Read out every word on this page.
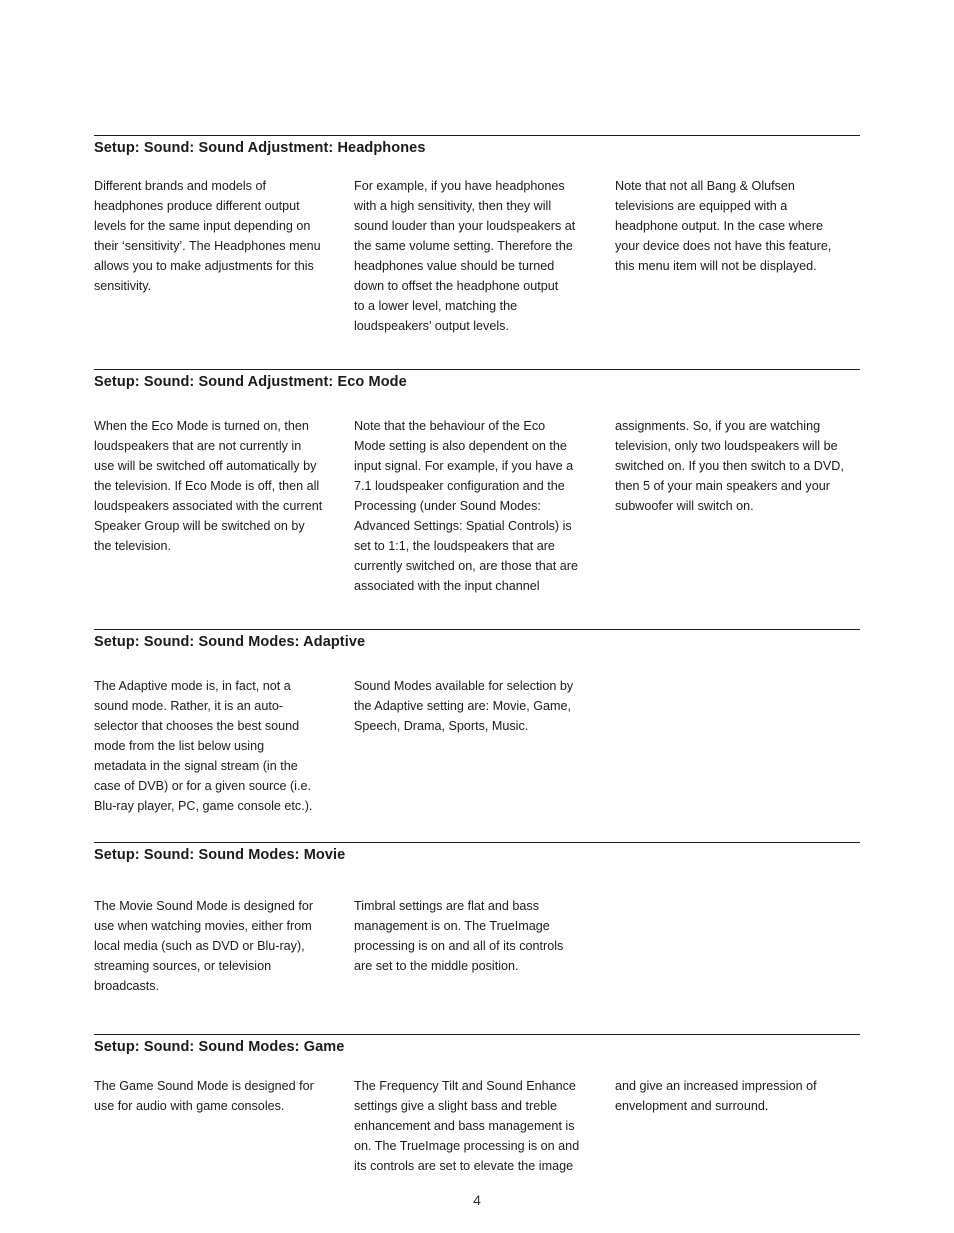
Setup: Sound: Sound Adjustment: Headphones

Different brands and models of
headphones produce different output
levels for the same input depending on
their ‘sensitivity’. The Headphones menu
allows you to make adjustments for this
sensitivity.

For example, if you have headphones
with a high sensitivity, then they will
sound louder than your loudspeakers at
the same volume setting. Therefore the
headphones value should be turned
down to offset the headphone output
to a lower level, matching the
loudspeakers’ output levels.

Note that not all Bang & Olufsen
televisions are equipped with a
headphone output. In the case where
your device does not have this feature,
this menu item will not be displayed.

Setup: Sound: Sound Adjustment: Eco Mode

When the Eco Mode is turned on, then
loudspeakers that are not currently in
use will be switched off automatically by
the television. If Eco Mode is off, then all
loudspeakers associated with the current
Speaker Group will be switched on by
the television.

Note that the behaviour of the Eco
Mode setting is also dependent on the
input signal. For example, if you have a
7.1 loudspeaker configuration and the
Processing (under Sound Modes:
Advanced Settings: Spatial Controls) is
set to 1:1, the loudspeakers that are
currently switched on, are those that are
associated with the input channel

assignments. So, if you are watching
television, only two loudspeakers will be
switched on. If you then switch to a DVD,
then 5 of your main speakers and your
subwoofer will switch on.

Setup: Sound: Sound Modes: Adaptive

The Adaptive mode is, in fact, not a
sound mode. Rather, it is an auto-
selector that chooses the best sound
mode from the list below using
metadata in the signal stream (in the
case of DVB) or for a given source (i.e.
Blu-ray player, PC, game console etc.).

Sound Modes available for selection by
the Adaptive setting are: Movie, Game,
Speech, Drama, Sports, Music.

Setup: Sound: Sound Modes: Movie

The Movie Sound Mode is designed for
use when watching movies, either from
local media (such as DVD or Blu-ray),
streaming sources, or television
broadcasts.

Timbral settings are flat and bass
management is on. The TrueImage
processing is on and all of its controls
are set to the middle position.

Setup: Sound: Sound Modes: Game

The Game Sound Mode is designed for
use for audio with game consoles.

The Frequency Tilt and Sound Enhance
settings give a slight bass and treble
enhancement and bass management is
on. The TrueImage processing is on and
its controls are set to elevate the image

and give an increased impression of
envelopment and surround.

4
